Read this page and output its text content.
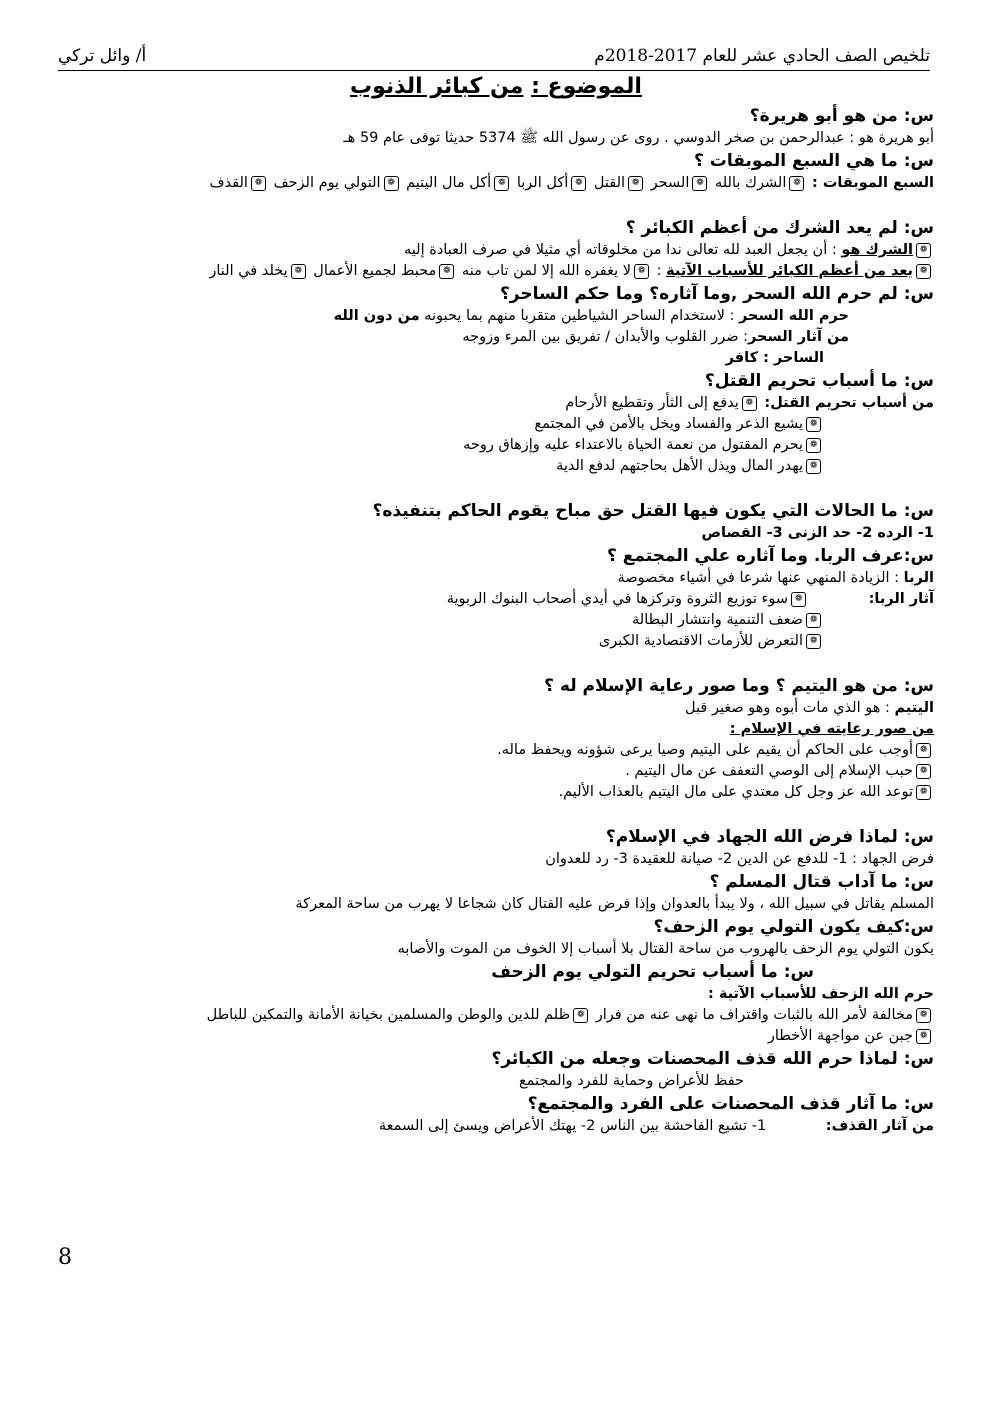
تلخيص الصف الحادي عشر للعام 2017-2018م
أ/ وائل تركي
الموضوع : من كبائر الذنوب
س: من هو أبو هريرة؟
أبو هريرة هو : عبدالرحمن بن صخر الدوسي . روى عن رسول الله ﷺ 5374 حديثا توفى عام 59 هـ
س: ما هي السبع الموبقات ؟
السبع الموبقات : ❁الشرك بالله ❁السحر ❁القتل ❁أكل الربا ❁أكل مال اليتيم ❁التولي يوم الزحف ❁القذف
س: لم يعد الشرك من أعظم الكبائر ؟
❁الشرك هو : أن يجعل العبد لله تعالى ندا من مخلوقاته أي مثيلا في صرف العبادة إليه
❁يعد من أعظم الكبائر للأسباب الآتية : ❁لا يغفره الله إلا لمن تاب منه ❁محبط لجميع الأعمال ❁يخلد في النار
س: لم حرم الله السحر ,وما آثاره؟ وما حكم الساحر؟
حرم الله السحر : لاستخدام الساحر الشياطين متقربا منهم بما يحبونه من دون الله
من آثار السحر: ضرر القلوب والأبدان / تفريق بين المرء وزوجه
الساحر : كافر
س: ما أسباب تحريم القتل؟
من أسباب تحريم القتل: ❁يدفع إلى الثأر وتقطيع الأرحام
❁يشيع الذعر والفساد ويخل بالأمن في المجتمع
❁يحرم المقتول من نعمة الحياة بالاعتداء عليه وإزهاق روحه
❁يهدر المال ويذل الأهل بحاجتهم لدفع الدية
س: ما الحالات التي يكون فيها القتل حق مباح يقوم الحاكم بتنفيذه؟
1- الرده 2- حد الزنى 3- القصاص
س:عرف الربا. وما آثاره علي المجتمع ؟
الربا : الزيادة المنهي عنها شرعا في أشياء مخصوصة
آثار الربا: ❁سوء توزيع الثروة وتركزها في أيدي أصحاب البنوك الربوية
❁ضعف التنمية وانتشار البطالة
❁التعرض للأزمات الاقتصادية الكبرى
س: من هو اليتيم ؟ وما صور رعاية الإسلام له ؟
اليتيم : هو الذي مات أبوه وهو صغير قبل
من صور رعايته في الإسلام :
❁أوجب على الحاكم أن يقيم على اليتيم وصيا يرعى شؤونه ويحفظ ماله.
❁حبب الإسلام إلى الوصي التعفف عن مال اليتيم .
❁توعد الله عز وجل كل معتدي على مال اليتيم بالعذاب الأليم.
س: لماذا فرض الله الجهاد في الإسلام؟
فرض الجهاد : 1- للدفع عن الدين 2- صيانة للعقيدة 3- رد للعدوان
س: ما آداب قتال المسلم ؟
المسلم يقاتل في سبيل الله ، ولا يبدأ بالعدوان وإذا فرض عليه القتال كان شجاعا لا يهرب من ساحة المعركة
س:كيف يكون التولي يوم الزحف؟
يكون التولي يوم الزحف بالهروب من ساحة القتال بلا أسباب إلا الخوف من الموت والأصابه
س: ما أسباب تحريم التولي يوم الزحف
حرم الله الزحف للأسباب الآتية :
❁مخالفة لأمر الله بالثبات واقتراف ما نهى عنه من فرار ❁ظلم للدين والوطن والمسلمين بخيانة الأمانة والتمكين للباطل
❁جبن عن مواجهة الأخطار
س: لماذا حرم الله قذف المحصنات وجعله من الكبائر؟
حفظ للأعراض وحماية للفرد والمجتمع
س: ما آثار قذف المحصنات على الفرد والمجتمع؟
من آثار القذف: 1- تشيع الفاحشة بين الناس 2- يهتك الأعراض ويسئ إلى السمعة
8
